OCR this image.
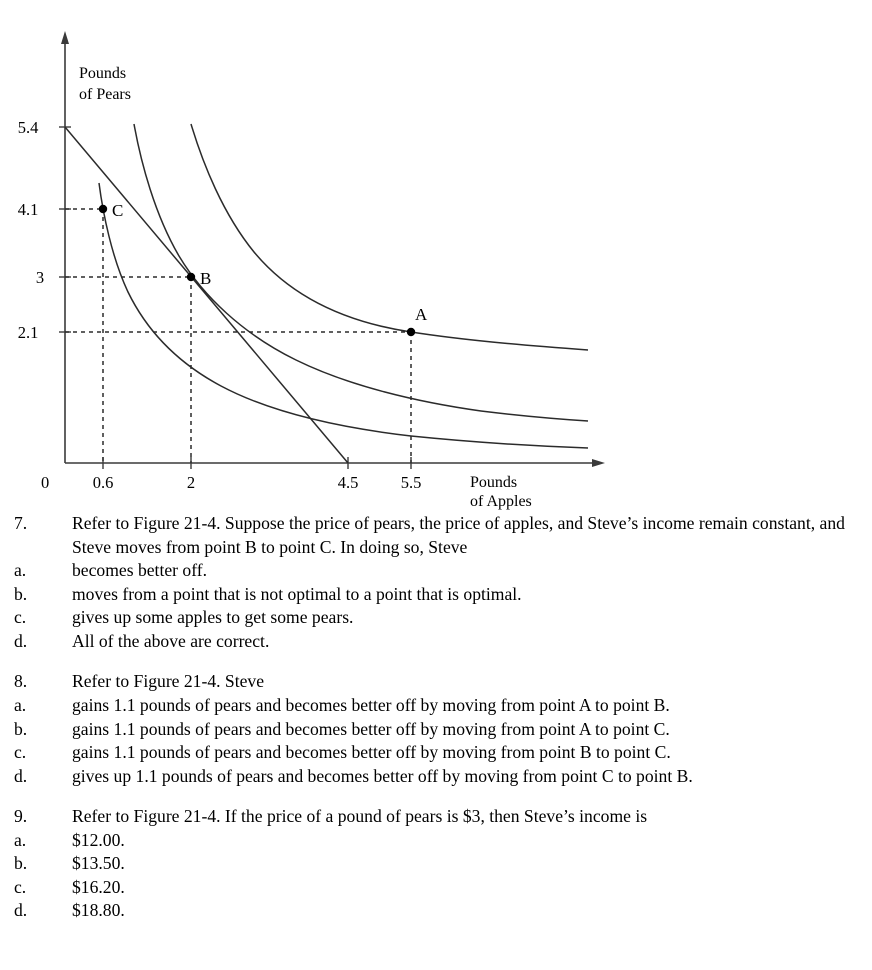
Pounds
of Pears
Pounds
of Apples
0
5.4
4.1
3
2.1
0.6	2	4.5	5.5
C
B
A
7.	Refer to Figure 21-4. Suppose the price of pears, the price of apples, and Steve’s income remain constant, and Steve moves from point B to point C. In doing so, Steve
a.	becomes better off.
b.	moves from a point that is not optimal to a point that is optimal.
c.	gives up some apples to get some pears.
d.	All of the above are correct.
8.	Refer to Figure 21-4. Steve
a.	gains 1.1 pounds of pears and becomes better off by moving from point A to point B.
b.	gains 1.1 pounds of pears and becomes better off by moving from point A to point C.
c.	gains 1.1 pounds of pears and becomes better off by moving from point B to point C.
d.	gives up 1.1 pounds of pears and becomes better off by moving from point C to point B.
9.	Refer to Figure 21-4. If the price of a pound of pears is $3, then Steve’s income is
a.	$12.00.
b.	$13.50.
c.	$16.20.
d.	$18.80.
